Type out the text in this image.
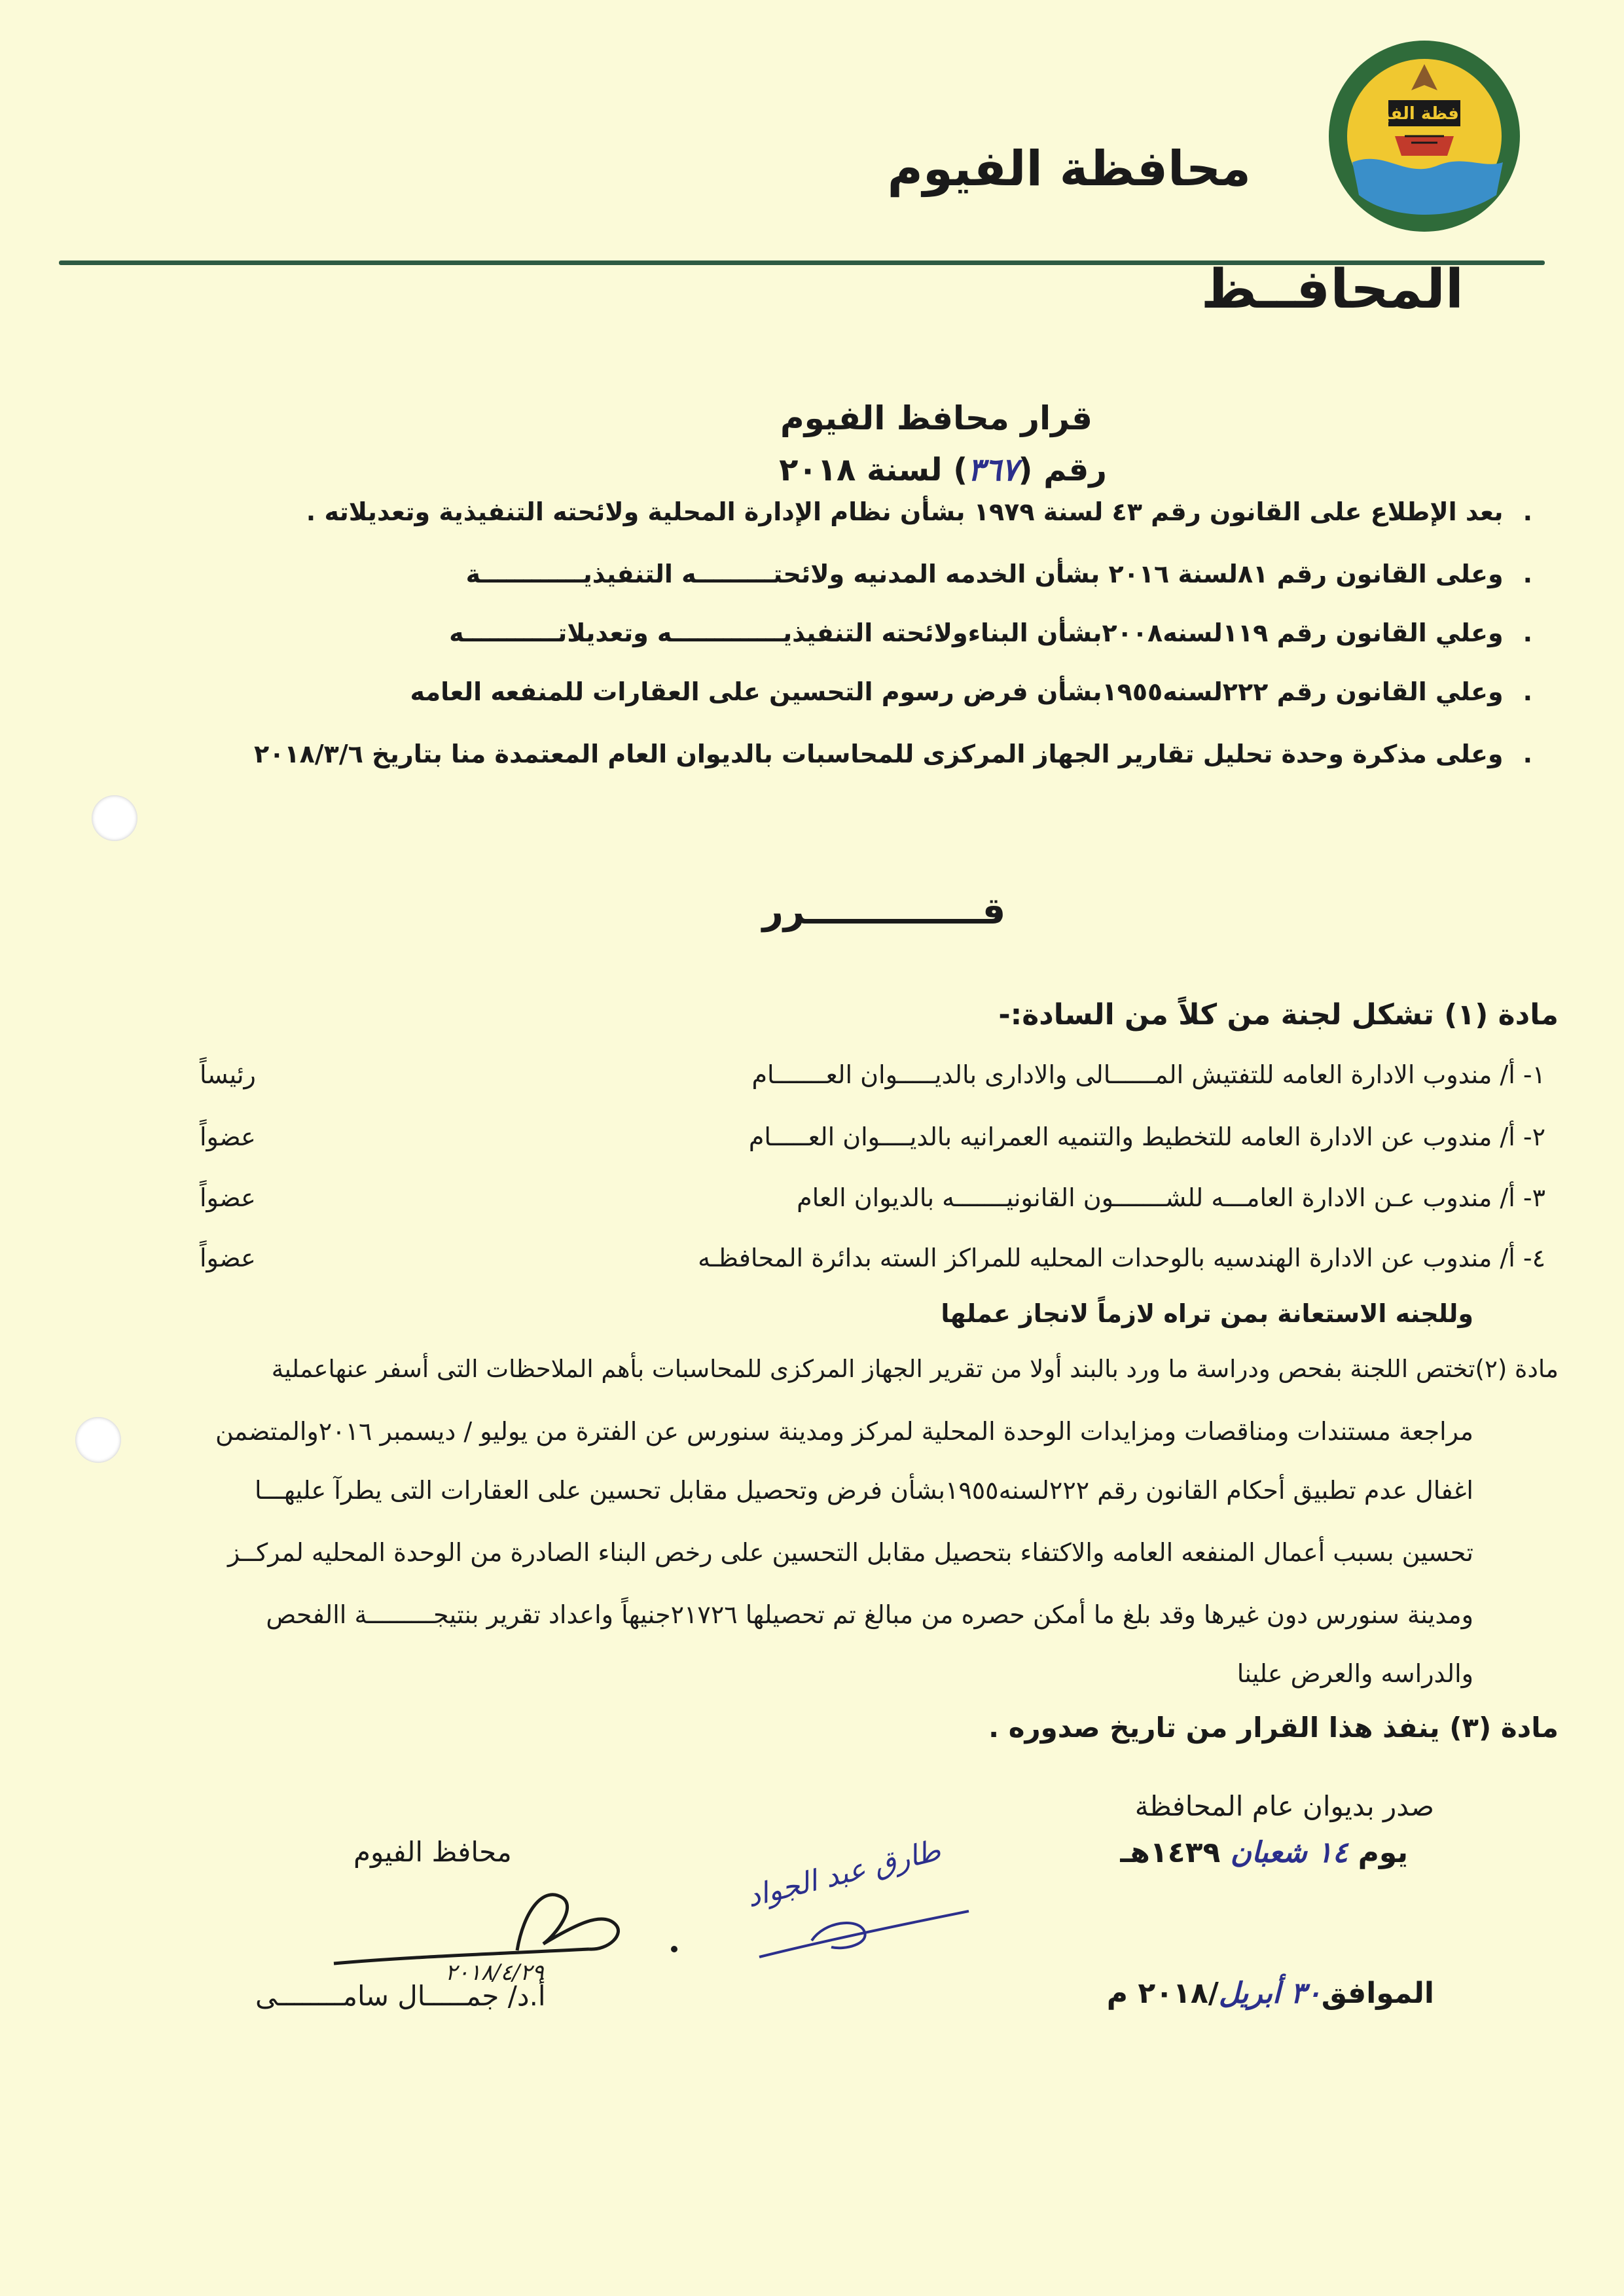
محافظة الفيوم
محافظة الفيوم
المحافــظ
قرار محافظ الفيوم
رقم (٣٦٧) لسنة ٢٠١٨
.بعد الإطلاع على القانون رقم ٤٣ لسنة ١٩٧٩ بشأن نظام الإدارة المحلية ولائحته التنفيذية وتعديلاته .
.وعلى القانون رقم ٨١لسنة ٢٠١٦ بشأن الخدمه المدنيه ولائحتـــــــــه التنفيذيــــــــــــة
.وعلي القانون رقم ١١٩لسنه٢٠٠٨بشأن البناءولائحته التنفيذيـــــــــــــه وتعديلاتـــــــــــه
.وعلي القانون رقم ٢٢٢لسنه١٩٥٥بشأن فرض رسوم التحسين على العقارات للمنفعه العامه
.وعلى مذكرة وحدة تحليل تقارير الجهاز المركزى للمحاسبات بالديوان العام المعتمدة منا بتاريخ ٢٠١٨/٣/٦
قــــــــــــــرر
مادة (١) تشكل لجنة من كلاً من السادة:-
١- أ/ مندوب الادارة العامه للتفتيش المــــــالى والادارى بالديـــــوان العـــــــام
رئيساً
٢- أ/ مندوب عن الادارة العامه للتخطيط والتنميه العمرانيه بالديــــوان العـــــام
عضواً
٣- أ/ مندوب عـن الادارة العامـــه للشـــــــون القانونيـــــــه بالديوان العام
عضواً
٤- أ/ مندوب عن الادارة الهندسيه بالوحدات المحليه للمراكز السته بدائرة المحافظـه
عضواً
وللجنه الاستعانة بمن تراه لازماً لانجاز عملها
مادة (٢)تختص اللجنة بفحص ودراسة ما ورد بالبند أولا من تقرير الجهاز المركزى للمحاسبات بأهم الملاحظات التى أسفر عنهاعملية
مراجعة مستندات ومناقصات ومزايدات الوحدة المحلية لمركز ومدينة سنورس عن الفترة من يوليو / ديسمبر ٢٠١٦والمتضمن
اغفال عدم تطبيق أحكام القانون رقم ٢٢٢لسنه١٩٥٥بشأن فرض وتحصيل مقابل تحسين على العقارات التى يطرآ عليهـــا
تحسين بسبب أعمال المنفعه العامه والاكتفاء بتحصيل مقابل التحسين على رخص البناء الصادرة من الوحدة المحليه لمركــز
ومدينة سنورس دون غيرها وقد بلغ ما أمكن حصره من مبالغ تم تحصيلها ٢١٧٢٦جنيهاً واعداد تقرير بنتيجـــــــــة االفحص
والدراسه والعرض علينا
مادة (٣) ينفذ هذا القرار من تاريخ صدوره .
صدر بديوان عام المحافظة
يوم ١٤ شعبان ١٤٣٩هـ
الموافق٣٠ أبريل/٢٠١٨ م
محافظ الفيوم
٢٠١٨/٤/٢٩
طارق عبد الجواد
أ.د/ جمـــــال سامــــــــى
